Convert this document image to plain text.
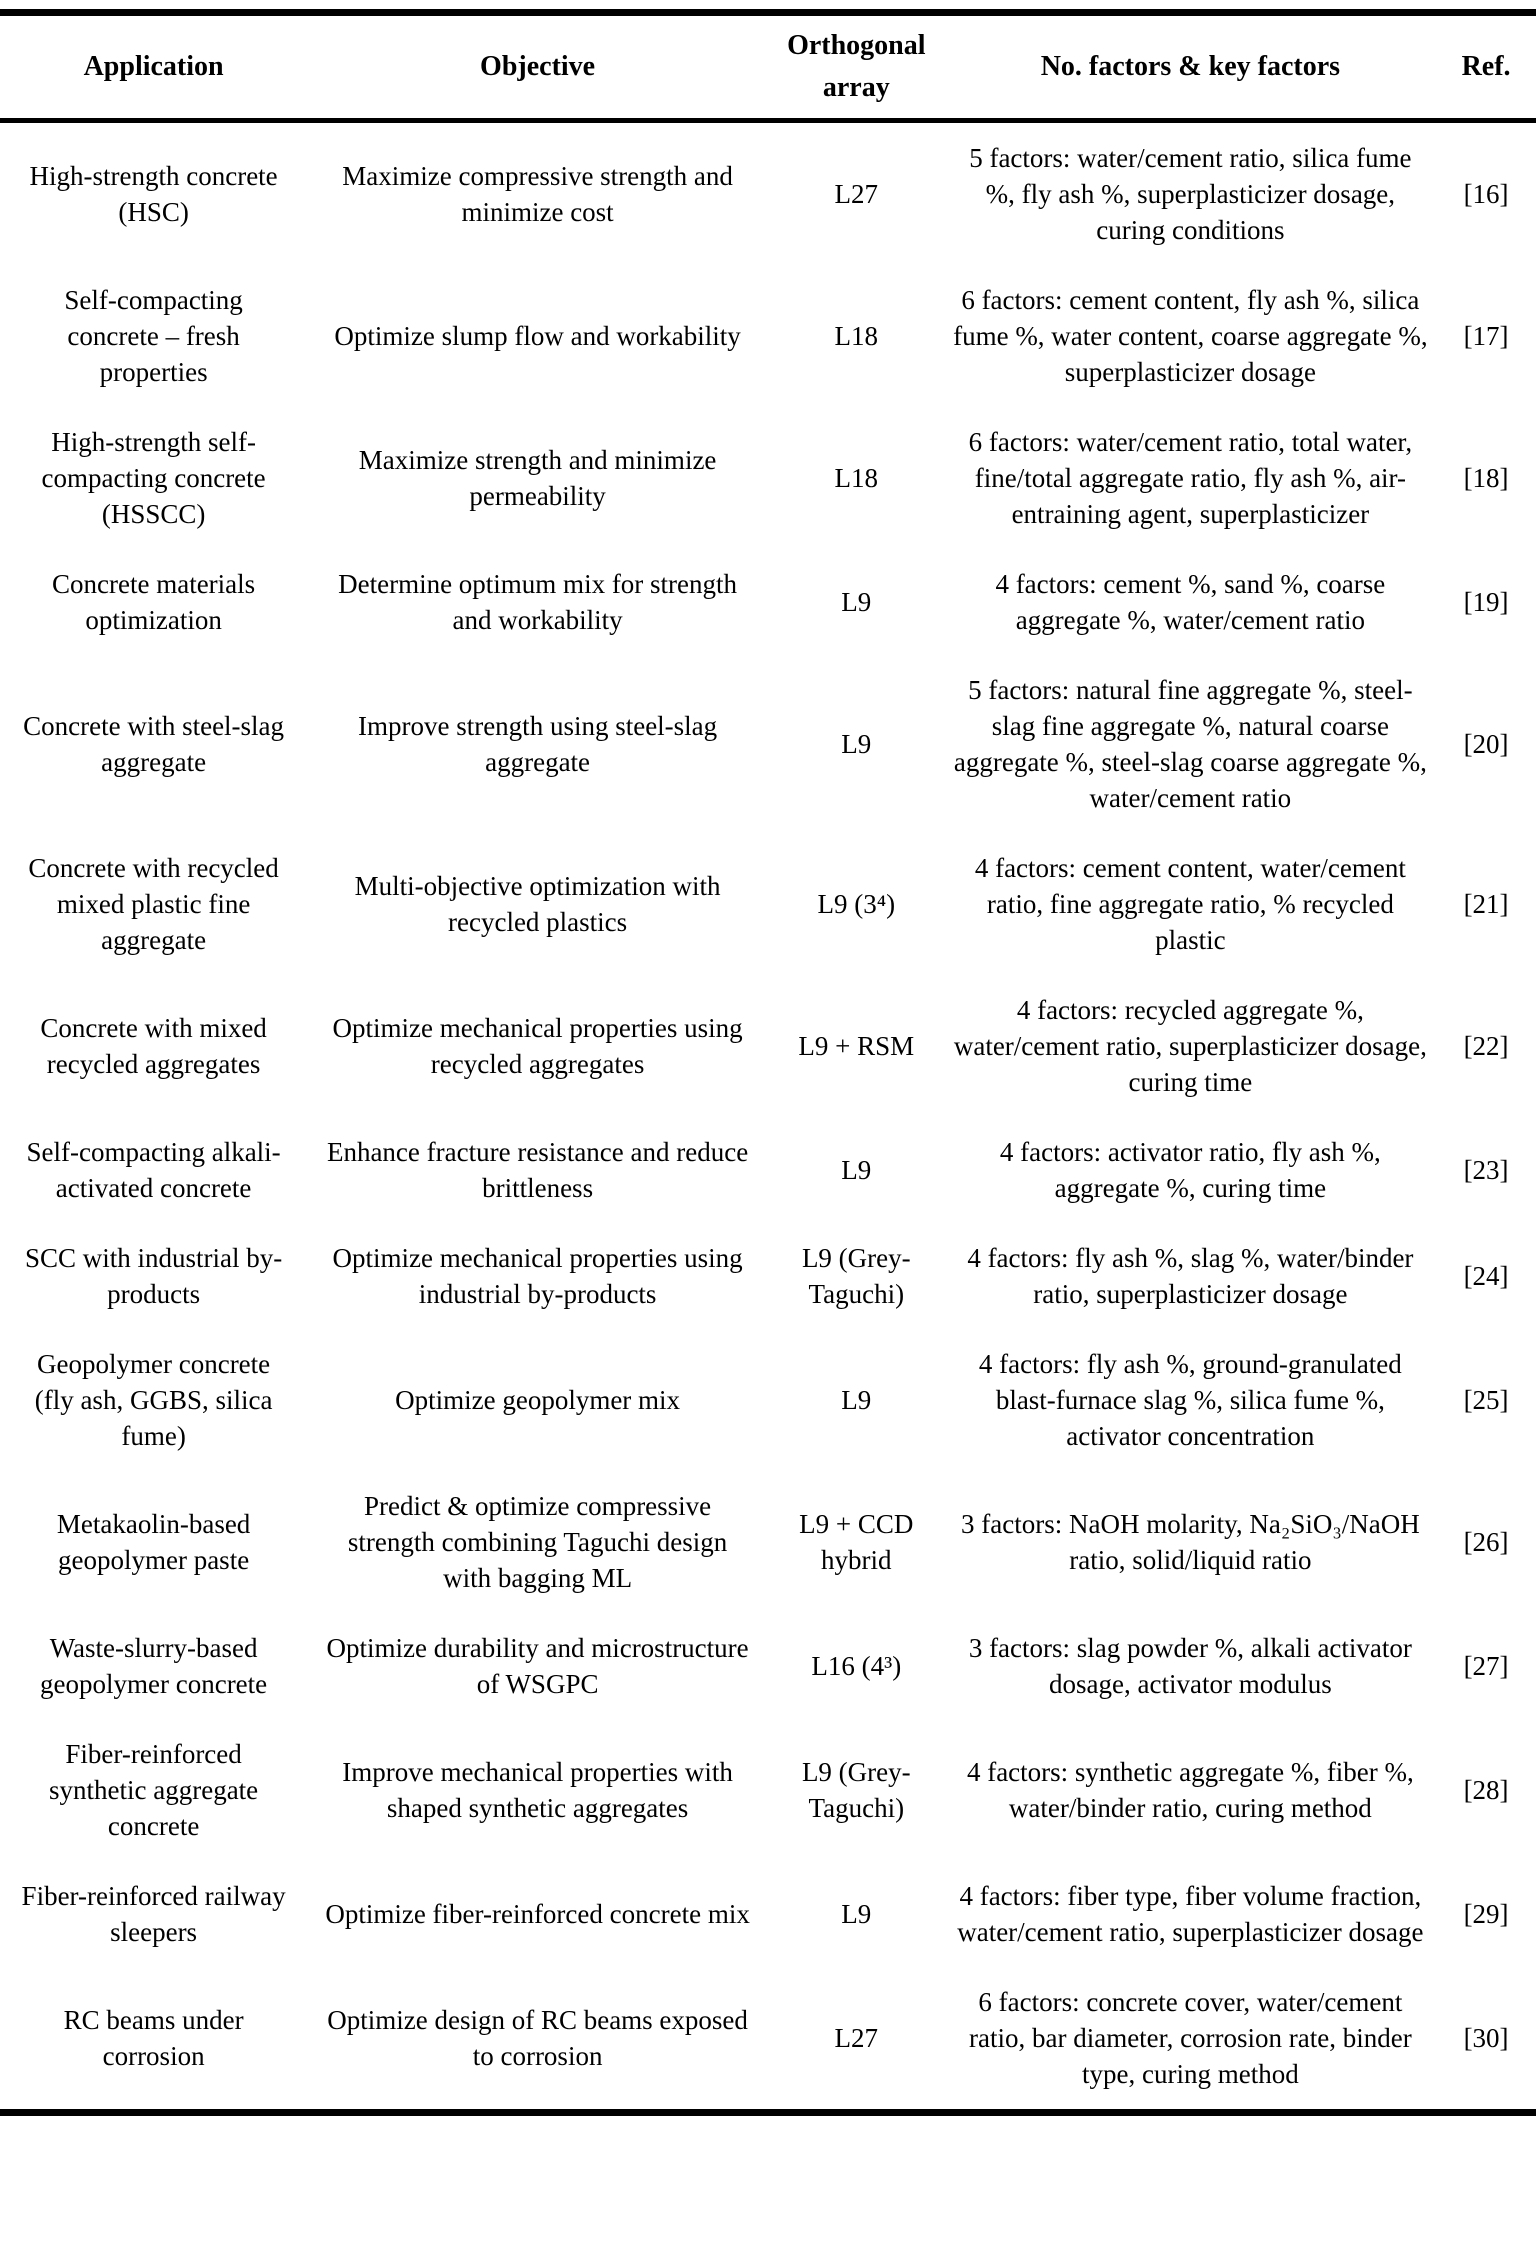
Application	Objective	Orthogonal array	No. factors & key factors	Ref.
High-strength concrete (HSC)	Maximize compressive strength and minimize cost	L27	5 factors: water/cement ratio, silica fume %, fly ash %, superplasticizer dosage, curing conditions	[16]
Self-compacting concrete – fresh properties	Optimize slump flow and workability	L18	6 factors: cement content, fly ash %, silica fume %, water content, coarse aggregate %, superplasticizer dosage	[17]
High-strength self-compacting concrete (HSSCC)	Maximize strength and minimize permeability	L18	6 factors: water/cement ratio, total water, fine/total aggregate ratio, fly ash %, air-entraining agent, superplasticizer	[18]
Concrete materials optimization	Determine optimum mix for strength and workability	L9	4 factors: cement %, sand %, coarse aggregate %, water/cement ratio	[19]
Concrete with steel-slag aggregate	Improve strength using steel-slag aggregate	L9	5 factors: natural fine aggregate %, steel-slag fine aggregate %, natural coarse aggregate %, steel-slag coarse aggregate %, water/cement ratio	[20]
Concrete with recycled mixed plastic fine aggregate	Multi-objective optimization with recycled plastics	L9 (3⁴)	4 factors: cement content, water/cement ratio, fine aggregate ratio, % recycled plastic	[21]
Concrete with mixed recycled aggregates	Optimize mechanical properties using recycled aggregates	L9 + RSM	4 factors: recycled aggregate %, water/cement ratio, superplasticizer dosage, curing time	[22]
Self-compacting alkali-activated concrete	Enhance fracture resistance and reduce brittleness	L9	4 factors: activator ratio, fly ash %, aggregate %, curing time	[23]
SCC with industrial by-products	Optimize mechanical properties using industrial by-products	L9 (Grey-Taguchi)	4 factors: fly ash %, slag %, water/binder ratio, superplasticizer dosage	[24]
Geopolymer concrete (fly ash, GGBS, silica fume)	Optimize geopolymer mix	L9	4 factors: fly ash %, ground-granulated blast-furnace slag %, silica fume %, activator concentration	[25]
Metakaolin-based geopolymer paste	Predict & optimize compressive strength combining Taguchi design with bagging ML	L9 + CCD hybrid	3 factors: NaOH molarity, Na₂SiO₃/NaOH ratio, solid/liquid ratio	[26]
Waste-slurry-based geopolymer concrete	Optimize durability and microstructure of WSGPC	L16 (4³)	3 factors: slag powder %, alkali activator dosage, activator modulus	[27]
Fiber-reinforced synthetic aggregate concrete	Improve mechanical properties with shaped synthetic aggregates	L9 (Grey-Taguchi)	4 factors: synthetic aggregate %, fiber %, water/binder ratio, curing method	[28]
Fiber-reinforced railway sleepers	Optimize fiber-reinforced concrete mix	L9	4 factors: fiber type, fiber volume fraction, water/cement ratio, superplasticizer dosage	[29]
RC beams under corrosion	Optimize design of RC beams exposed to corrosion	L27	6 factors: concrete cover, water/cement ratio, bar diameter, corrosion rate, binder type, curing method	[30]
